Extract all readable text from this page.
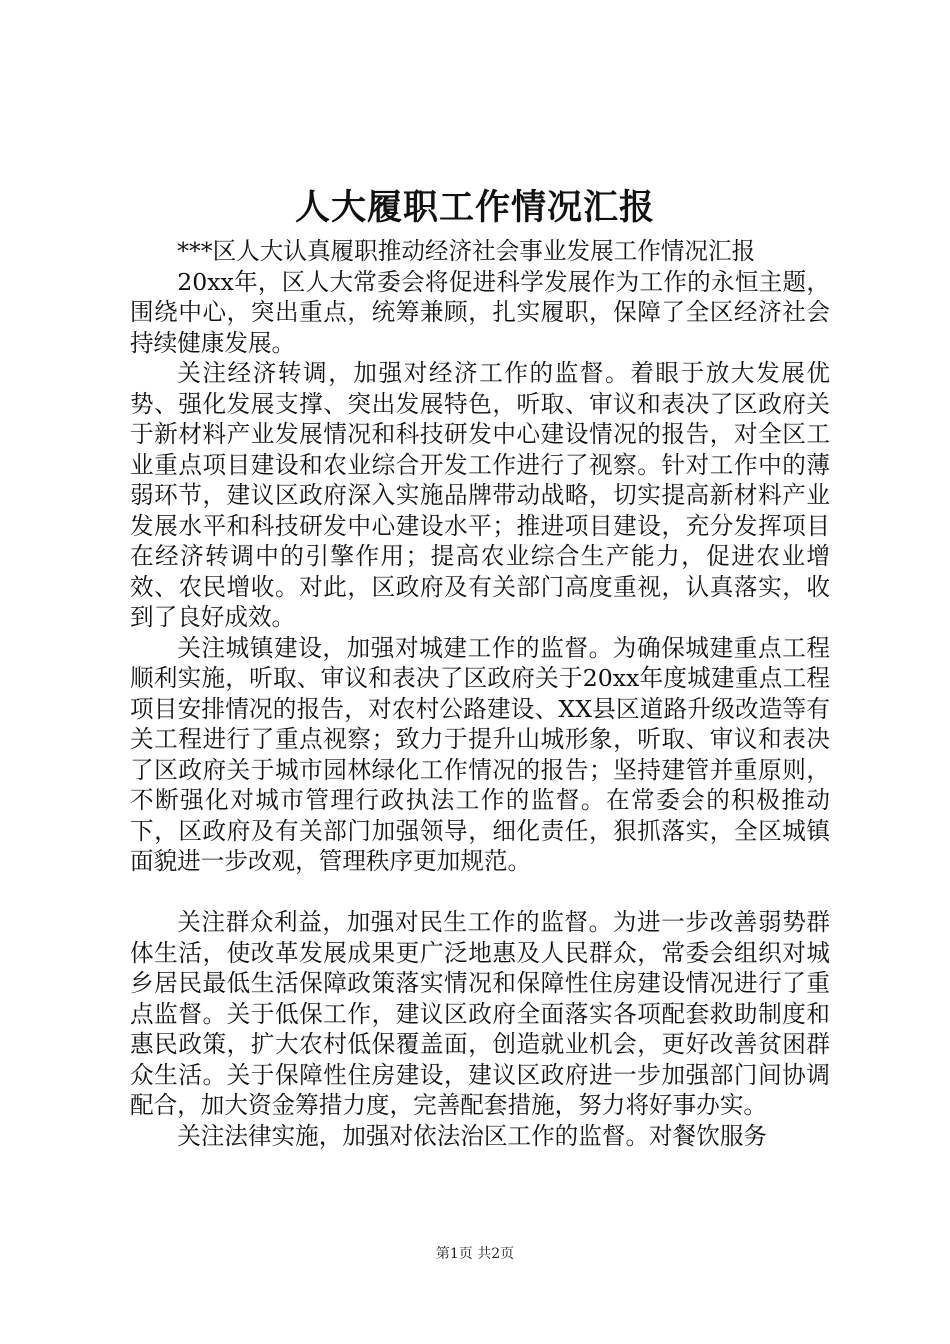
人大履职工作情况汇报

***区人大认真履职推动经济社会事业发展工作情况汇报

20xx年，区人大常委会将促进科学发展作为工作的永恒主题，围绕中心，突出重点，统筹兼顾，扎实履职，保障了全区经济社会持续健康发展。

关注经济转调，加强对经济工作的监督。着眼于放大发展优势、强化发展支撑、突出发展特色，听取、审议和表决了区政府关于新材料产业发展情况和科技研发中心建设情况的报告，对全区工业重点项目建设和农业综合开发工作进行了视察。针对工作中的薄弱环节，建议区政府深入实施品牌带动战略，切实提高新材料产业发展水平和科技研发中心建设水平；推进项目建设，充分发挥项目在经济转调中的引擎作用；提高农业综合生产能力，促进农业增效、农民增收。对此，区政府及有关部门高度重视，认真落实，收到了良好成效。

关注城镇建设，加强对城建工作的监督。为确保城建重点工程顺利实施，听取、审议和表决了区政府关于20xx年度城建重点工程项目安排情况的报告，对农村公路建设、XX县区道路升级改造等有关工程进行了重点视察；致力于提升山城形象，听取、审议和表决了区政府关于城市园林绿化工作情况的报告；坚持建管并重原则，不断强化对城市管理行政执法工作的监督。在常委会的积极推动下，区政府及有关部门加强领导，细化责任，狠抓落实，全区城镇面貌进一步改观，管理秩序更加规范。

关注群众利益，加强对民生工作的监督。为进一步改善弱势群体生活，使改革发展成果更广泛地惠及人民群众，常委会组织对城乡居民最低生活保障政策落实情况和保障性住房建设情况进行了重点监督。关于低保工作，建议区政府全面落实各项配套救助制度和惠民政策，扩大农村低保覆盖面，创造就业机会，更好改善贫困群众生活。关于保障性住房建设，建议区政府进一步加强部门间协调配合，加大资金筹措力度，完善配套措施，努力将好事办实。

关注法律实施，加强对依法治区工作的监督。对餐饮服务

第1页 共2页
